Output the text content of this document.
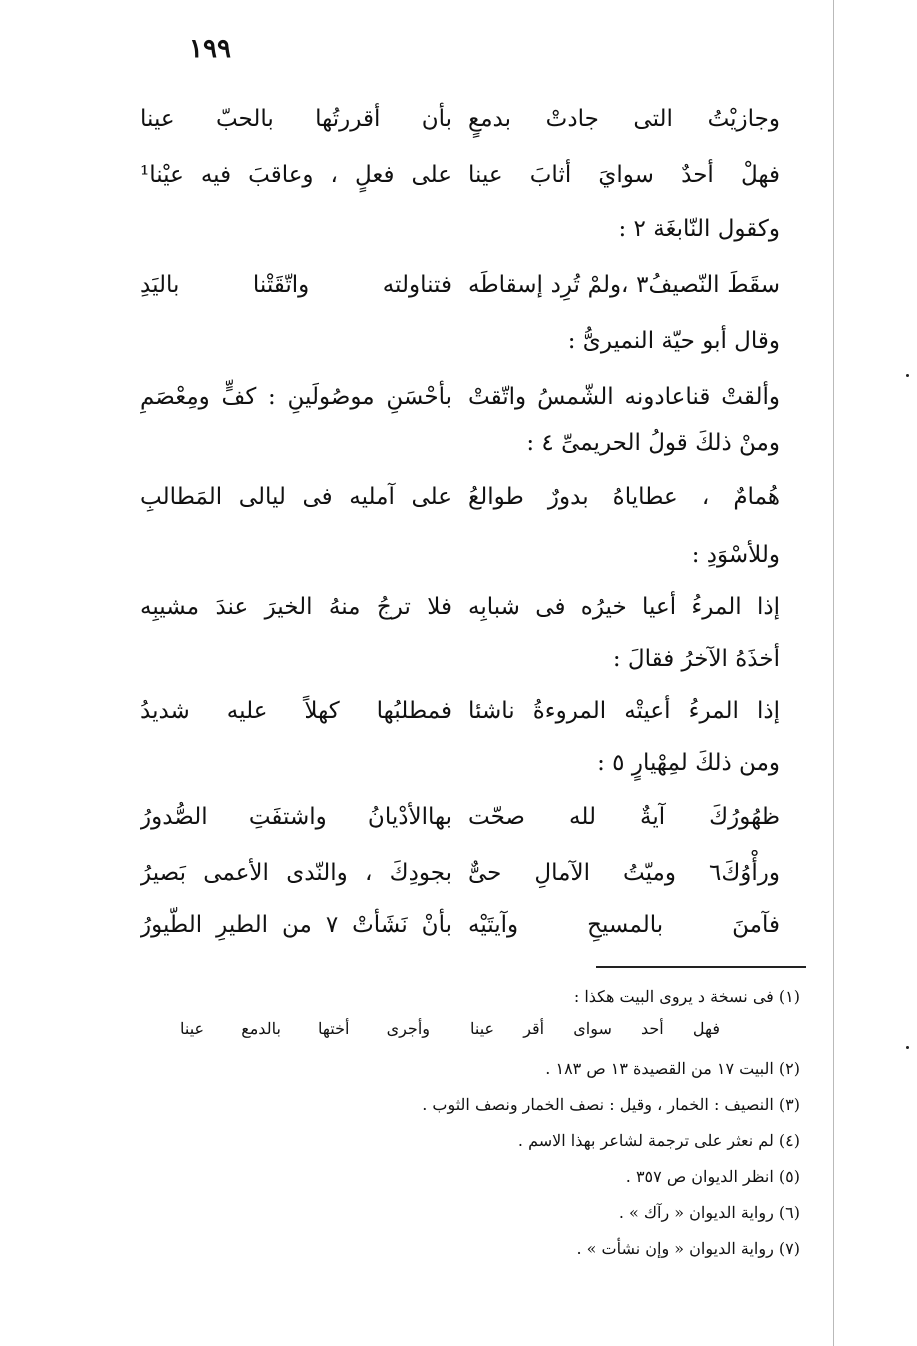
١٩٩
وجازيْتُ التى جادتْ بدمعٍ
بأن أقررتُها بالحبّ عينا
فهلْ أحدٌ سوايَ أثابَ عينا
على فعلٍ ، وعاقبَ فيه عيْنا¹
وكقول النّابغَة ٢ :
سقَطَ النّصيفُ٣ ،ولمْ تُرِد إسقاطَه
فتناولته واتّقَتْنا باليَدِ
وقال أبو حيّة النميرىُّ :
وألقتْ قناعادونه الشّمسُ واتّقتْ
بأحْسَنِ موصُولَينِ : كفٍّ ومِعْصَمِ
ومنْ ذلكَ قولُ الحريمىِّ ٤ :
هُمامٌ ، عطاياهُ بدورٌ طوالعُ
على آمليه فى ليالى المَطالبِ
وللأسْوَدِ :
إذا المرءُ أعيا خيرُه فى شبابِه
فلا ترجُ منهُ الخيرَ عندَ مشيبِه
أخذَهُ الآخرُ فقالَ :
إذا المرءُ أعيتْه المروءةُ ناشئا
فمطلبُها كهلاً عليه شديدُ
ومن ذلكَ لمِهْيارٍ ٥ :
ظهُورُكَ آيةٌ لله صحّت
بهاالأدْيانُ واشتفَتِ الصُّدورُ
ورأْوُكَ٦ وميّتُ الآمالِ حىٌّ
بجودِكَ ، والنّدى الأعمى بَصيرُ
فآمنَ بالمسيحِ وآيتَيْه
بأنْ نَشَأتْ ٧ من الطيرِ الطّيورُ
(١) فى نسخة د يروى البيت هكذا :
فهل أحد سواى أقر عينا
وأجرى أختها بالدمع عينا
(٢) البيت ١٧ من القصيدة ١٣ ص ١٨٣ .
(٣) النصيف : الخمار ، وقيل : نصف الخمار ونصف الثوب .
(٤) لم نعثر على ترجمة لشاعر بهذا الاسم .
(٥) انظر الديوان ص ٣٥٧ .
(٦) رواية الديوان « رآك » .
(٧) رواية الديوان « وإن نشأت » .
